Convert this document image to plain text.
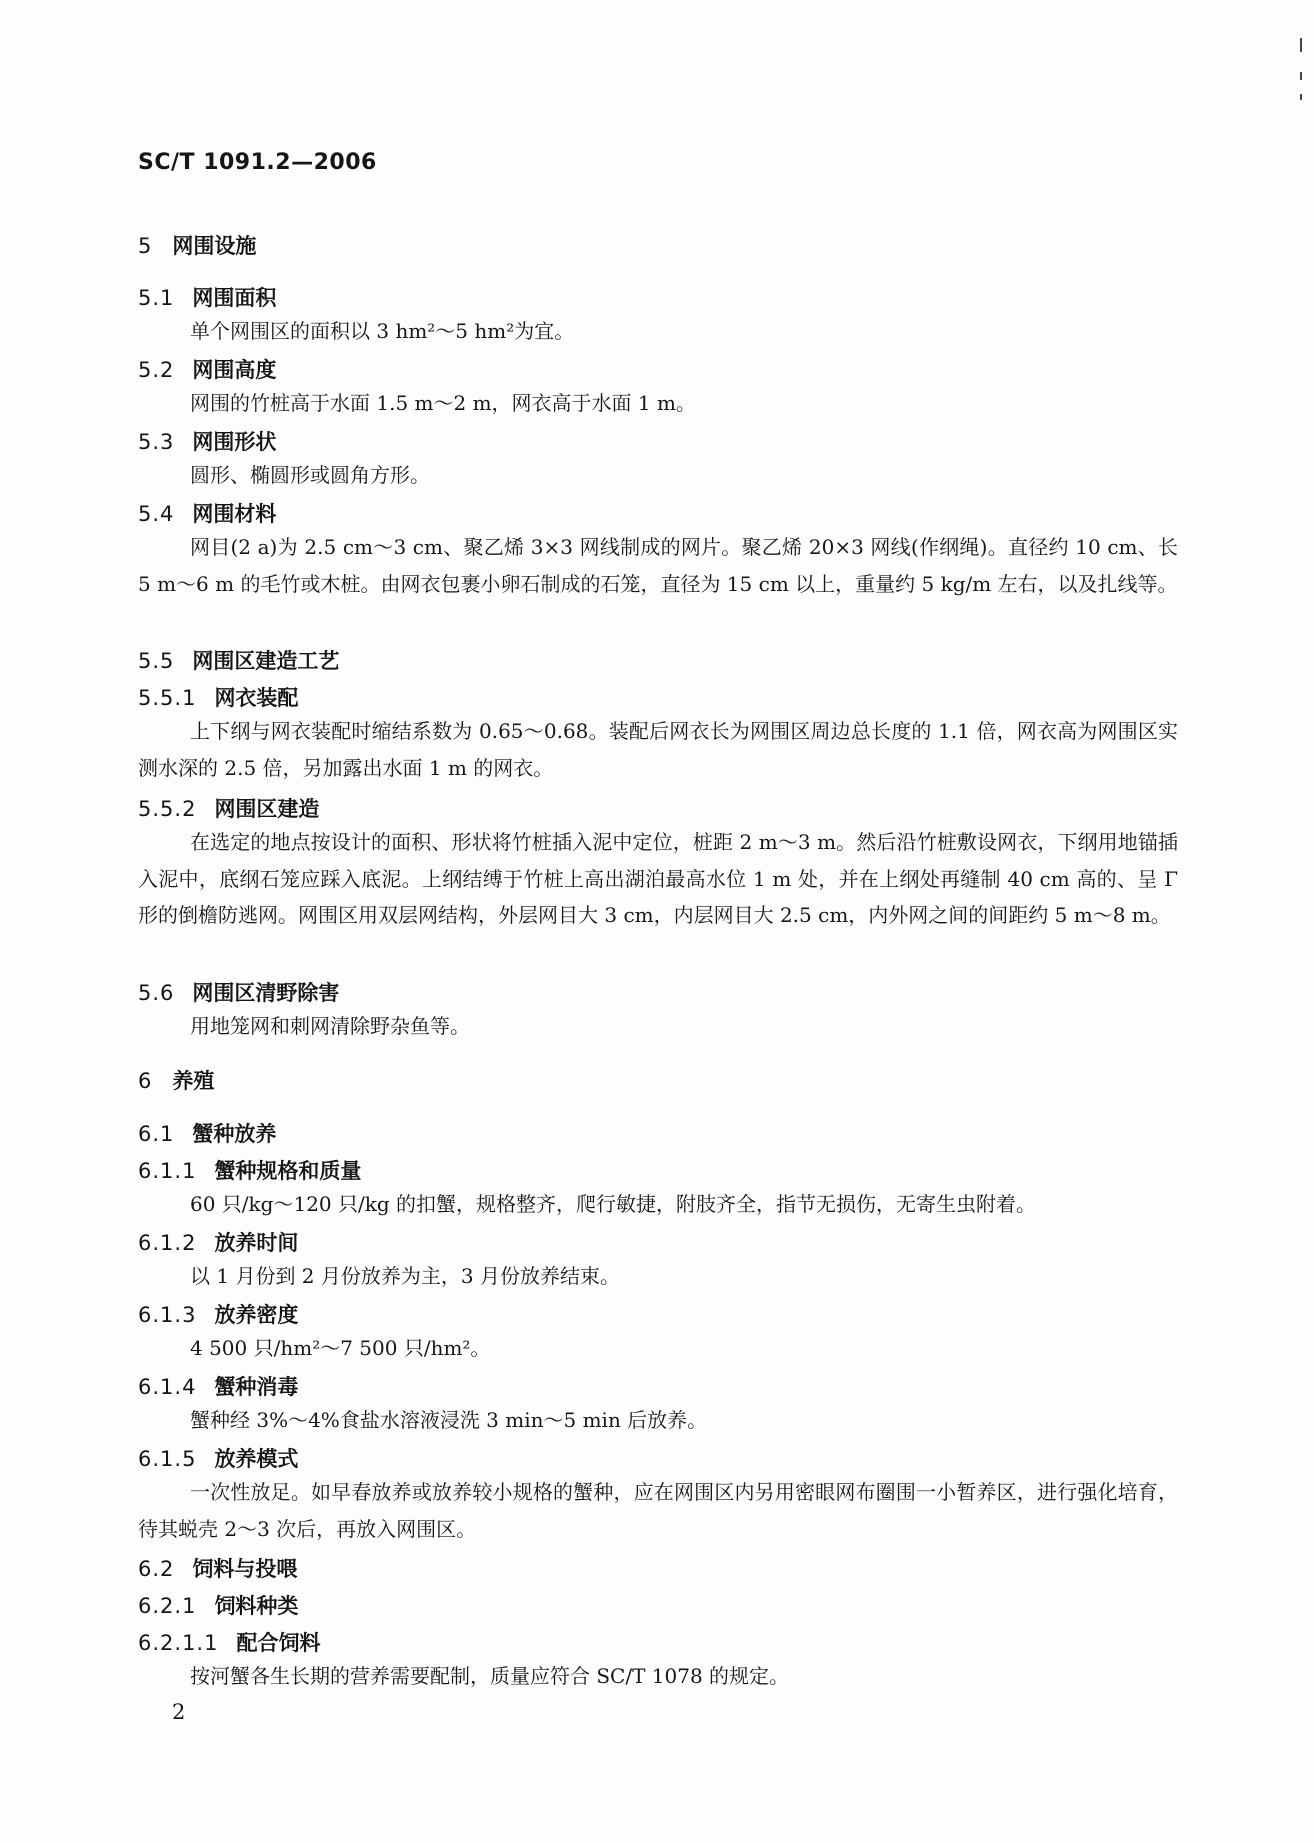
SC/T 1091.2—2006
5 网围设施
5.1 网围面积
单个网围区的面积以 3 hm²～5 hm²为宜。
5.2 网围高度
网围的竹桩高于水面 1.5 m～2 m，网衣高于水面 1 m。
5.3 网围形状
圆形、椭圆形或圆角方形。
5.4 网围材料
网目(2 a)为 2.5 cm～3 cm、聚乙烯 3×3 网线制成的网片。聚乙烯 20×3 网线(作纲绳)。直径约 10 cm、长 5 m～6 m 的毛竹或木桩。由网衣包裹小卵石制成的石笼，直径为 15 cm 以上，重量约 5 kg/m 左右，以及扎线等。
5.5 网围区建造工艺
5.5.1 网衣装配
上下纲与网衣装配时缩结系数为 0.65～0.68。装配后网衣长为网围区周边总长度的 1.1 倍，网衣高为网围区实测水深的 2.5 倍，另加露出水面 1 m 的网衣。
5.5.2 网围区建造
在选定的地点按设计的面积、形状将竹桩插入泥中定位，桩距 2 m～3 m。然后沿竹桩敷设网衣，下纲用地锚插入泥中，底纲石笼应踩入底泥。上纲结缚于竹桩上高出湖泊最高水位 1 m 处，并在上纲处再缝制 40 cm 高的、呈 Γ 形的倒檐防逃网。网围区用双层网结构，外层网目大 3 cm，内层网目大 2.5 cm，内外网之间的间距约 5 m～8 m。
5.6 网围区清野除害
用地笼网和刺网清除野杂鱼等。
6 养殖
6.1 蟹种放养
6.1.1 蟹种规格和质量
60 只/kg～120 只/kg 的扣蟹，规格整齐，爬行敏捷，附肢齐全，指节无损伤，无寄生虫附着。
6.1.2 放养时间
以 1 月份到 2 月份放养为主，3 月份放养结束。
6.1.3 放养密度
4 500 只/hm²～7 500 只/hm²。
6.1.4 蟹种消毒
蟹种经 3%～4%食盐水溶液浸洗 3 min～5 min 后放养。
6.1.5 放养模式
一次性放足。如早春放养或放养较小规格的蟹种，应在网围区内另用密眼网布圈围一小暂养区，进行强化培育，待其蜕壳 2～3 次后，再放入网围区。
6.2 饲料与投喂
6.2.1 饲料种类
6.2.1.1 配合饲料
按河蟹各生长期的营养需要配制，质量应符合 SC/T 1078 的规定。
2
